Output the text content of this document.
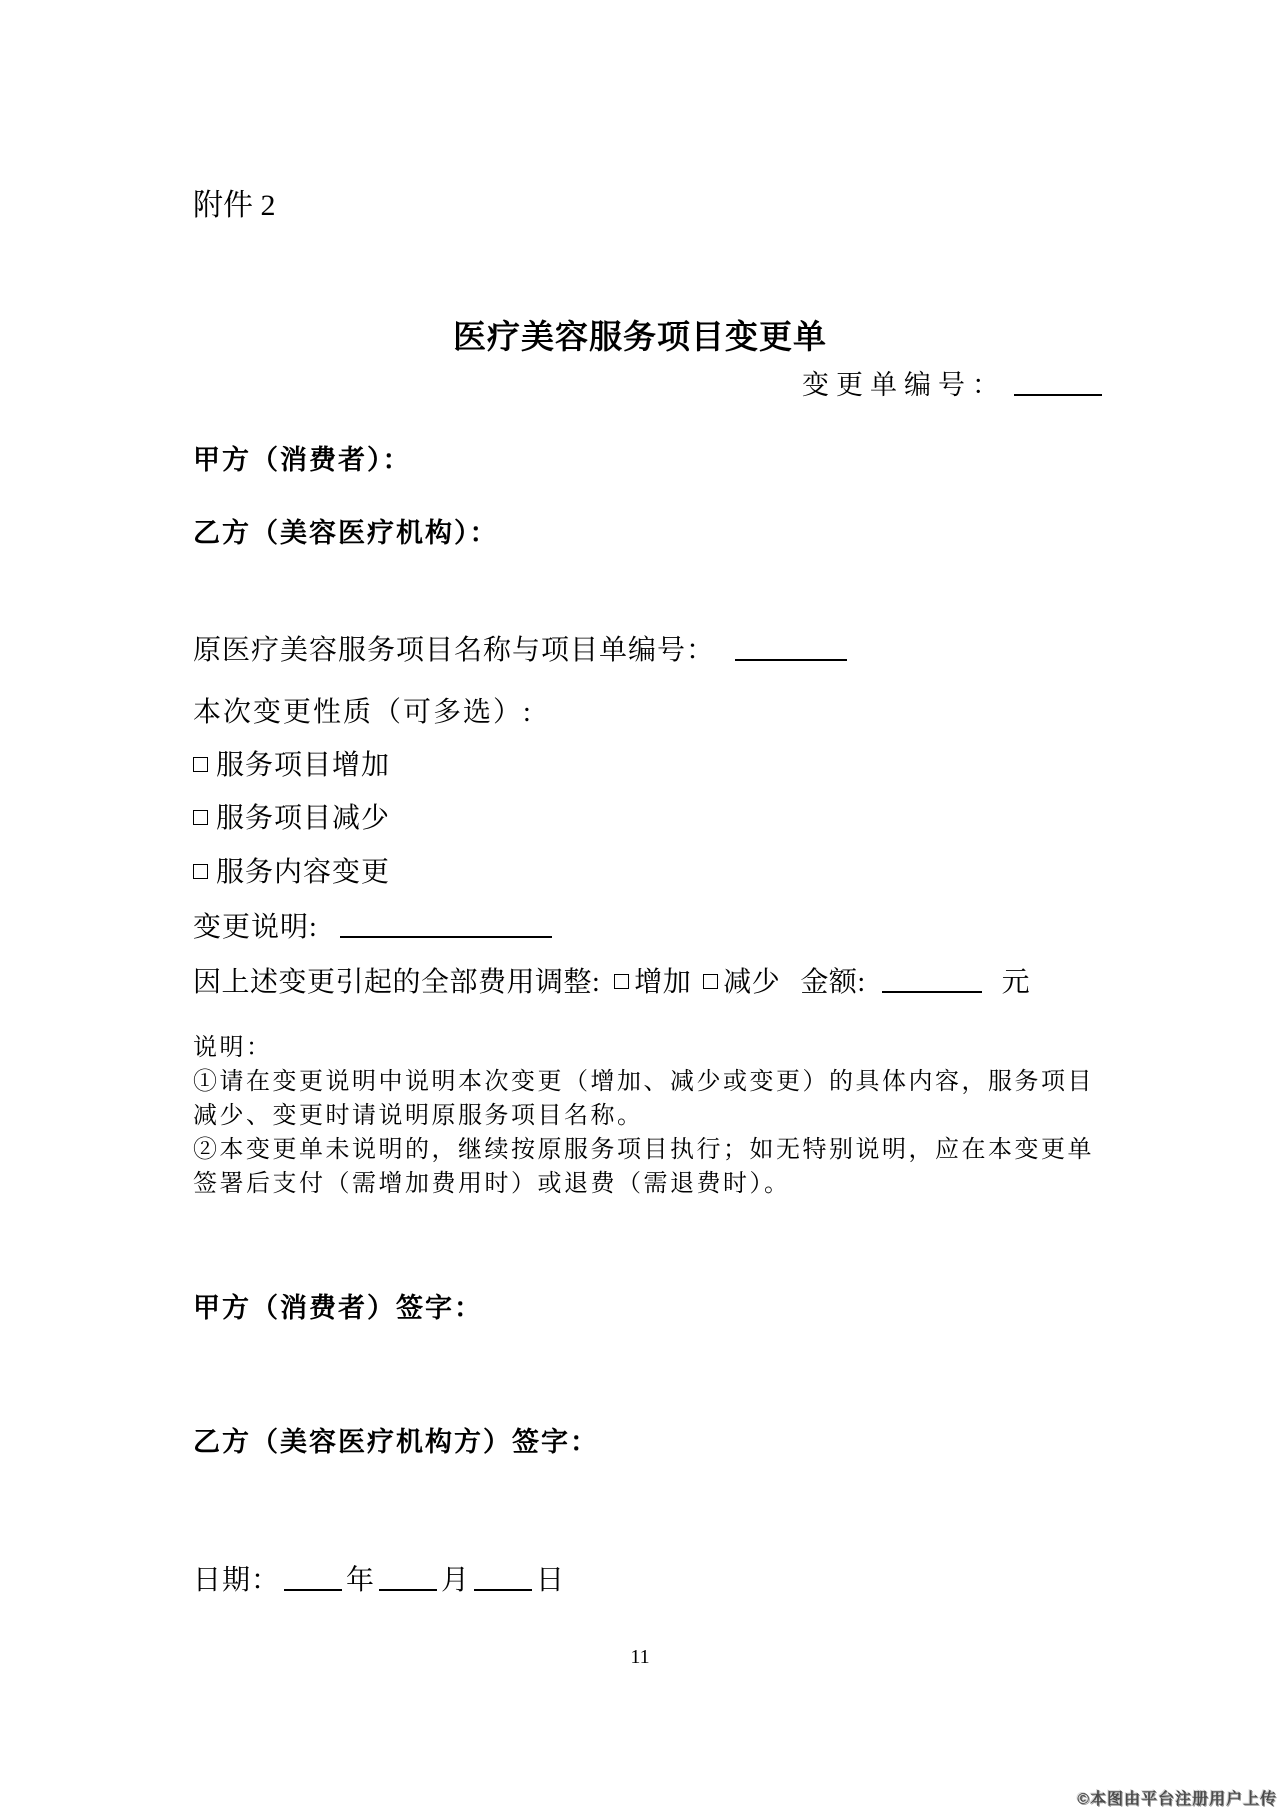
附件 2
医疗美容服务项目变更单
变更单编号：
甲方（消费者）：
乙方（美容医疗机构）：
原医疗美容服务项目名称与项目单编号：
本次变更性质（可多选）:
服务项目增加
服务项目减少
服务内容变更
变更说明:
因上述变更引起的全部费用调整: 增加 减少 金额:	元
说明：
①请在变更说明中说明本次变更（增加、减少或变更）的具体内容，服务项目
减少、变更时请说明原服务项目名称。
②本变更单未说明的，继续按原服务项目执行；如无特别说明，应在本变更单
签署后支付（需增加费用时）或退费（需退费时）。
甲方（消费者）签字：
乙方（美容医疗机构方）签字：
日期： 年 月 日
11
©本图由平台注册用户上传
